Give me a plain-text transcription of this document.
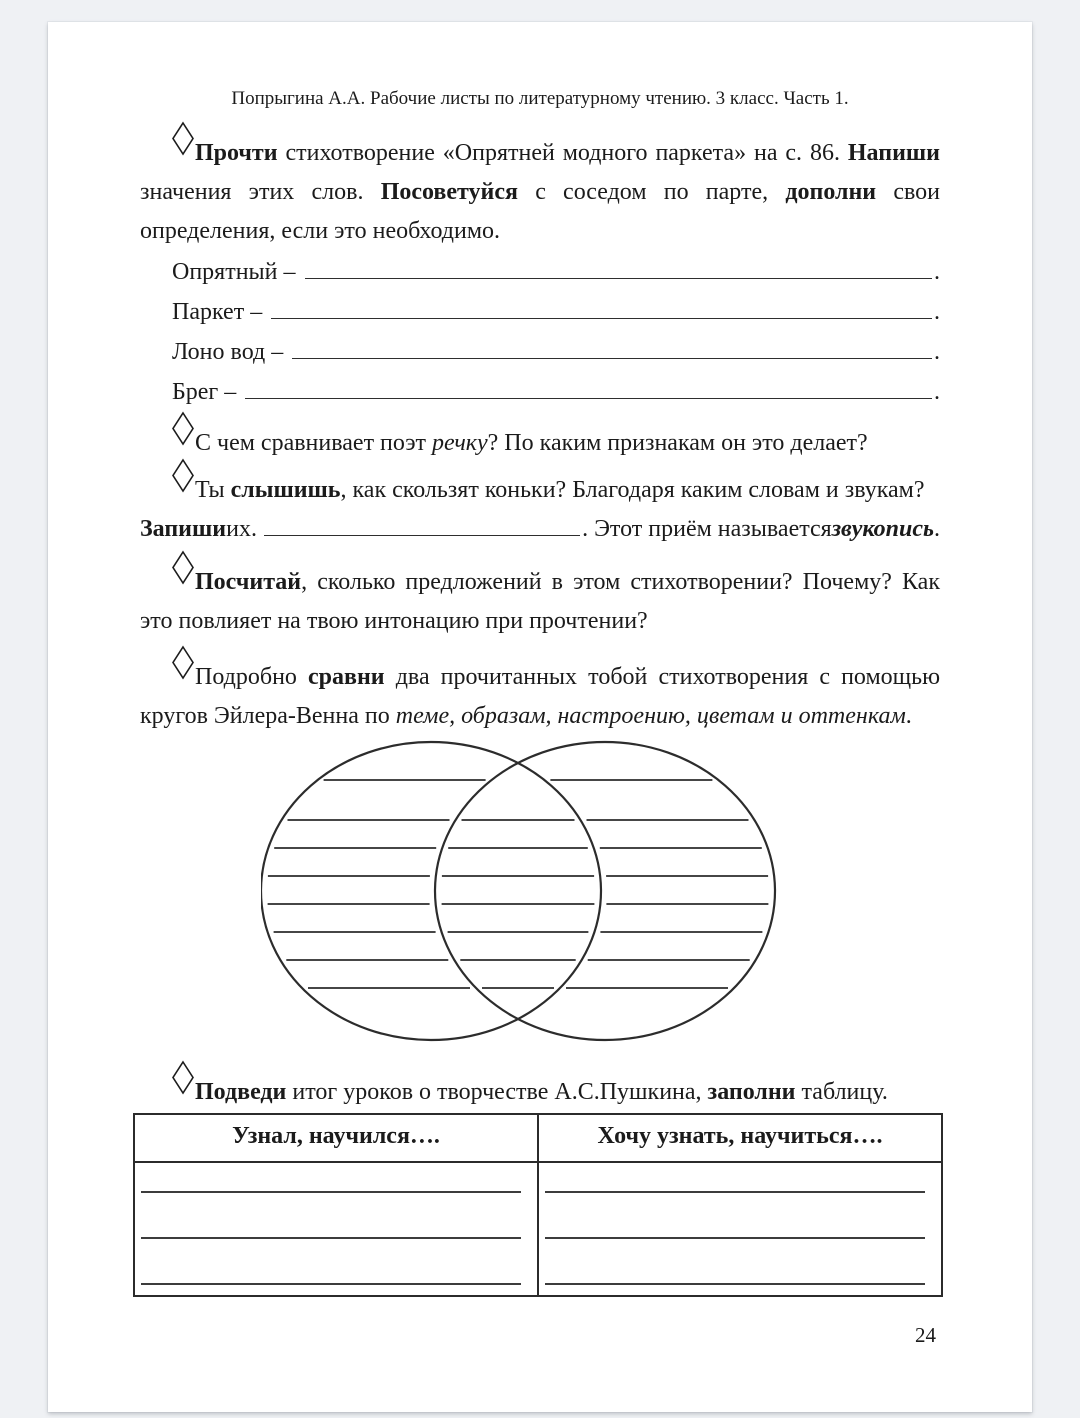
Попрыгина А.А. Рабочие листы по литературному чтению. 3 класс. Часть 1.

Прочти стихотворение «Опрятней модного паркета» на с. 86. Напиши значения этих слов. Посоветуйся с соседом по парте, дополни свои определения, если это необходимо.

Опрятный –	.
Паркет –	.
Лоно вод –	.
Брег –	.

С чем сравнивает поэт речку? По каким признакам он это делает?

Ты слышишь, как скользят коньки? Благодаря каким словам и звукам?

Запиши их.	. Этот приём называется звукопись .

Посчитай, сколько предложений в этом стихотворении? Почему? Как это повлияет на твою интонацию при прочтении?

Подробно сравни два прочитанных тобой стихотворения с помощью кругов Эйлера-Венна по теме, образам, настроению, цветам и оттенкам.

Подведи итог уроков о творчестве А.С.Пушкина, заполни таблицу.

Узнал, научился….	Хочу узнать, научиться….

24
